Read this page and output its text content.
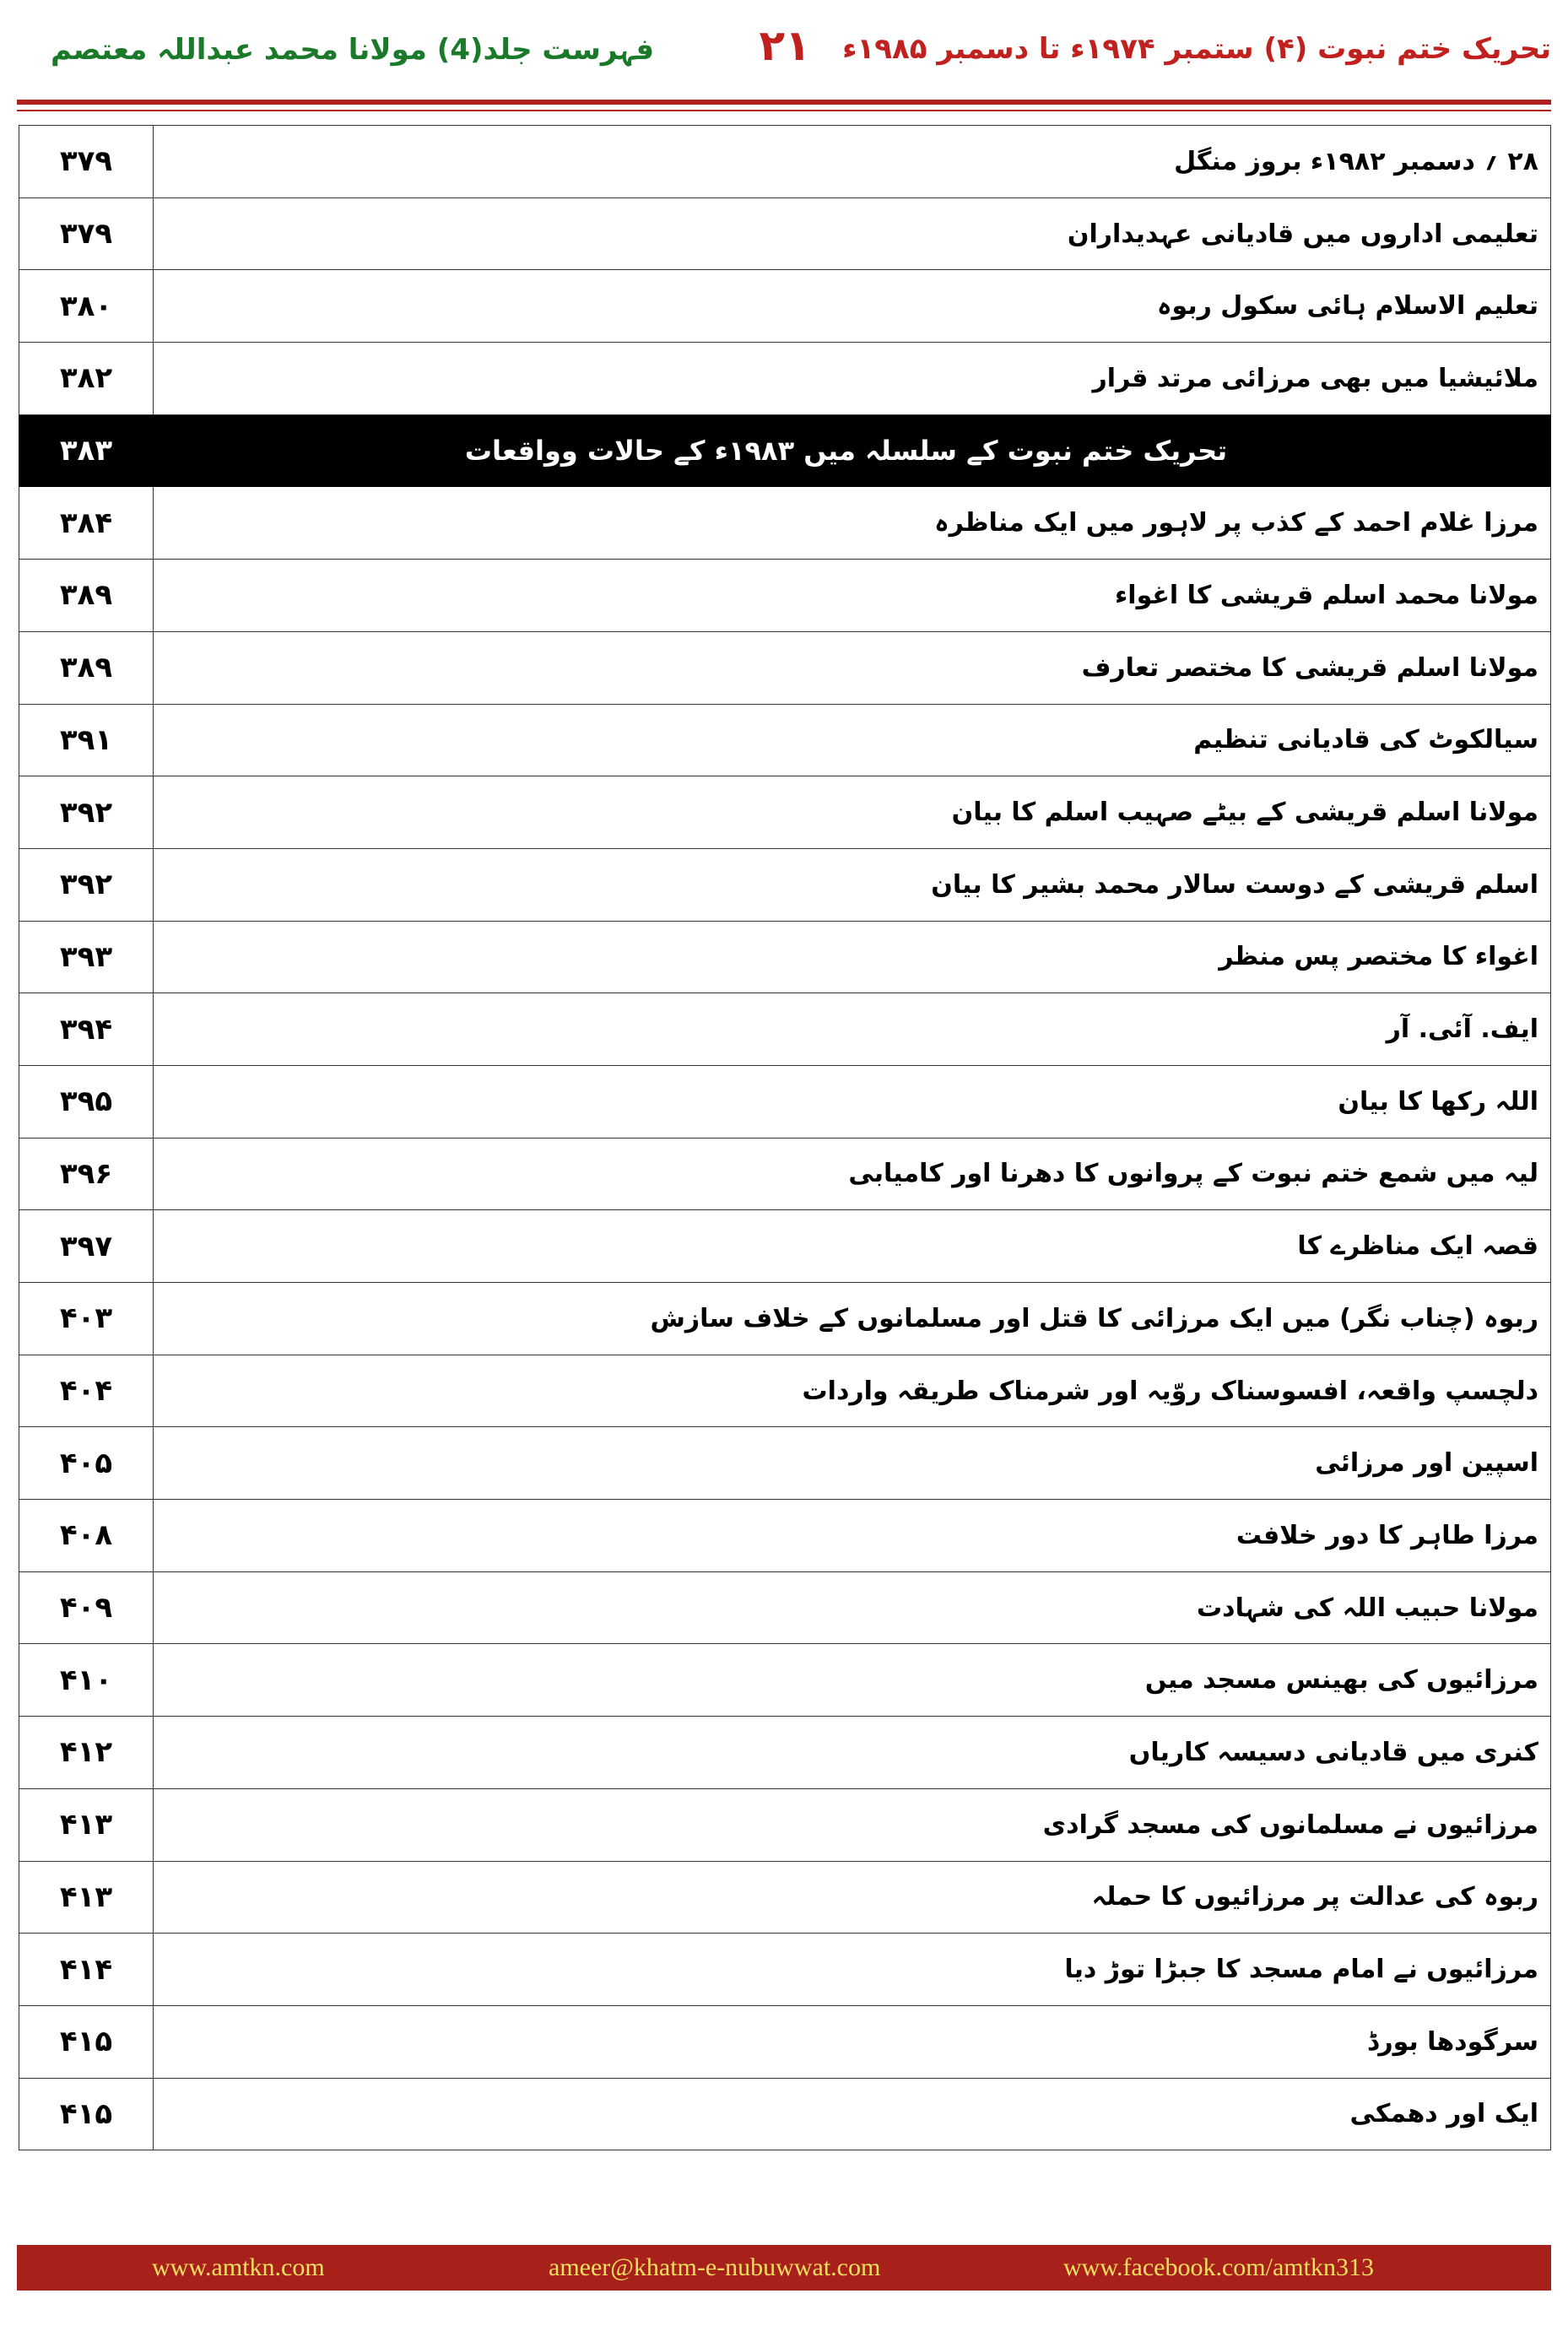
فہرست جلد(4) مولانا محمد عبداللہ معتصم	۲۱	تحریک ختم نبوت (۴) ستمبر ۱۹۷۴ء تا دسمبر ۱۹۸۵ء
۳۷۹	۲۸ ؍ دسمبر ۱۹۸۲ء بروز منگل
۳۷۹	تعلیمی اداروں میں قادیانی عہدیداران
۳۸۰	تعلیم الاسلام ہائی سکول ربوہ
۳۸۲	ملائیشیا میں بھی مرزائی مرتد قرار
۳۸۳	تحریک ختم نبوت کے سلسلہ میں ۱۹۸۳ء کے حالات وواقعات
۳۸۴	مرزا غلام احمد کے کذب پر لاہور میں ایک مناظرہ
۳۸۹	مولانا محمد اسلم قریشی کا اغواء
۳۸۹	مولانا اسلم قریشی کا مختصر تعارف
۳۹۱	سیالکوٹ کی قادیانی تنظیم
۳۹۲	مولانا اسلم قریشی کے بیٹے صہیب اسلم کا بیان
۳۹۲	اسلم قریشی کے دوست سالار محمد بشیر کا بیان
۳۹۳	اغواء کا مختصر پس منظر
۳۹۴	ایف. آئی. آر
۳۹۵	اللہ رکھا کا بیان
۳۹۶	لیہ میں شمع ختم نبوت کے پروانوں کا دھرنا اور کامیابی
۳۹۷	قصہ ایک مناظرے کا
۴۰۳	ربوہ (چناب نگر) میں ایک مرزائی کا قتل اور مسلمانوں کے خلاف سازش
۴۰۴	دلچسپ واقعہ، افسوسناک روّیہ اور شرمناک طریقہ واردات
۴۰۵	اسپین اور مرزائی
۴۰۸	مرزا طاہر کا دور خلافت
۴۰۹	مولانا حبیب اللہ کی شہادت
۴۱۰	مرزائیوں کی بھینس مسجد میں
۴۱۲	کنری میں قادیانی دسیسہ کاریاں
۴۱۳	مرزائیوں نے مسلمانوں کی مسجد گرادی
۴۱۳	ربوہ کی عدالت پر مرزائیوں کا حملہ
۴۱۴	مرزائیوں نے امام مسجد کا جبڑا توڑ دیا
۴۱۵	سرگودھا بورڈ
۴۱۵	ایک اور دھمکی
www.amtkn.com	ameer@khatm-e-nubuwwat.com	www.facebook.com/amtkn313
